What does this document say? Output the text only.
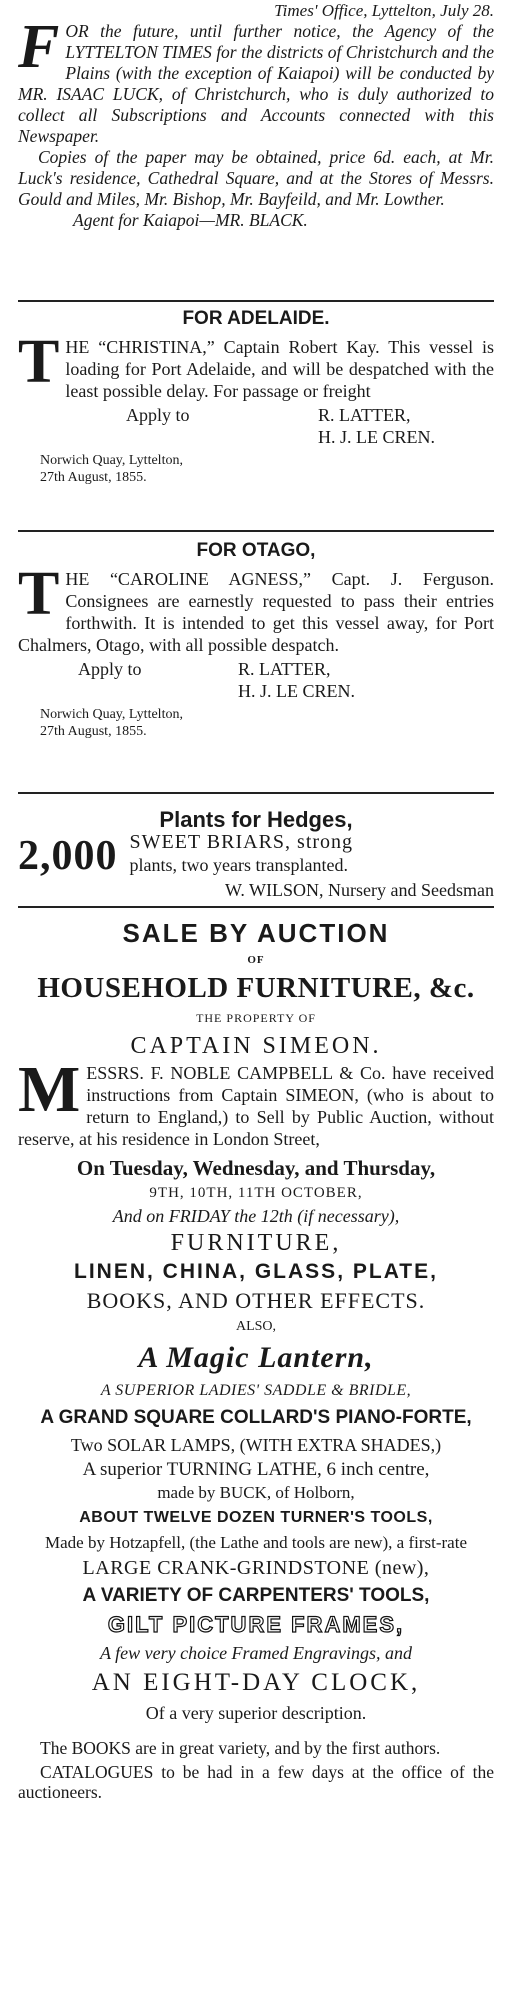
Times' Office, Lyttelton, July 28.
FOR the future, until further notice, the Agency of the LYTTELTON TIMES for the districts of Christchurch and the Plains (with the exception of Kaiapoi) will be conducted by MR. ISAAC LUCK, of Christchurch, who is duly authorized to collect all Subscriptions and Accounts connected with this Newspaper.
Copies of the paper may be obtained, price 6d. each, at Mr. Luck's residence, Cathedral Square, and at the Stores of Messrs. Gould and Miles, Mr. Bishop, Mr. Bayfeild, and Mr. Lowther.
Agent for Kaiapoi—MR. BLACK.
FOR ADELAIDE.
THE “CHRISTINA,” Captain Robert Kay. This vessel is loading for Port Adelaide, and will be despatched with the least possible delay. For passage or freight
Apply to	R. LATTER,
H. J. LE CREN.
Norwich Quay, Lyttelton,
27th August, 1855.
FOR OTAGO,
THE “CAROLINE AGNESS,” Capt. J. Ferguson. Consignees are earnestly requested to pass their entries forthwith. It is intended to get this vessel away, for Port Chalmers, Otago, with all possible despatch.
Apply to	R. LATTER,
H. J. LE CREN.
Norwich Quay, Lyttelton,
27th August, 1855.
Plants for Hedges,
2,000 SWEET BRIARS, strong
plants, two years transplanted.
W. WILSON, Nursery and Seedsman
SALE BY AUCTION
OF
HOUSEHOLD FURNITURE, &c.
THE PROPERTY OF
CAPTAIN SIMEON.
MESSRS. F. NOBLE CAMPBELL & Co. have received instructions from Captain SIMEON, (who is about to return to England,) to Sell by Public Auction, without reserve, at his residence in London Street,
On Tuesday, Wednesday, and Thursday,
9TH, 10TH, 11TH OCTOBER,
And on FRIDAY the 12th (if necessary),
FURNITURE,
LINEN, CHINA, GLASS, PLATE,
BOOKS, AND OTHER EFFECTS.
ALSO,
A Magic Lantern,
A SUPERIOR LADIES' SADDLE & BRIDLE,
A GRAND SQUARE COLLARD'S PIANO-FORTE,
Two SOLAR LAMPS, (WITH EXTRA SHADES,)
A superior TURNING LATHE, 6 inch centre,
made by BUCK, of Holborn,
ABOUT TWELVE DOZEN TURNER'S TOOLS,
Made by Hotzapfell, (the Lathe and tools are new), a first-rate
LARGE CRANK-GRINDSTONE (new),
A VARIETY OF CARPENTERS' TOOLS,
GILT PICTURE FRAMES,
A few very choice Framed Engravings, and
AN EIGHT-DAY CLOCK,
Of a very superior description.
The BOOKS are in great variety, and by the first authors.
CATALOGUES to be had in a few days at the office of the auctioneers.
